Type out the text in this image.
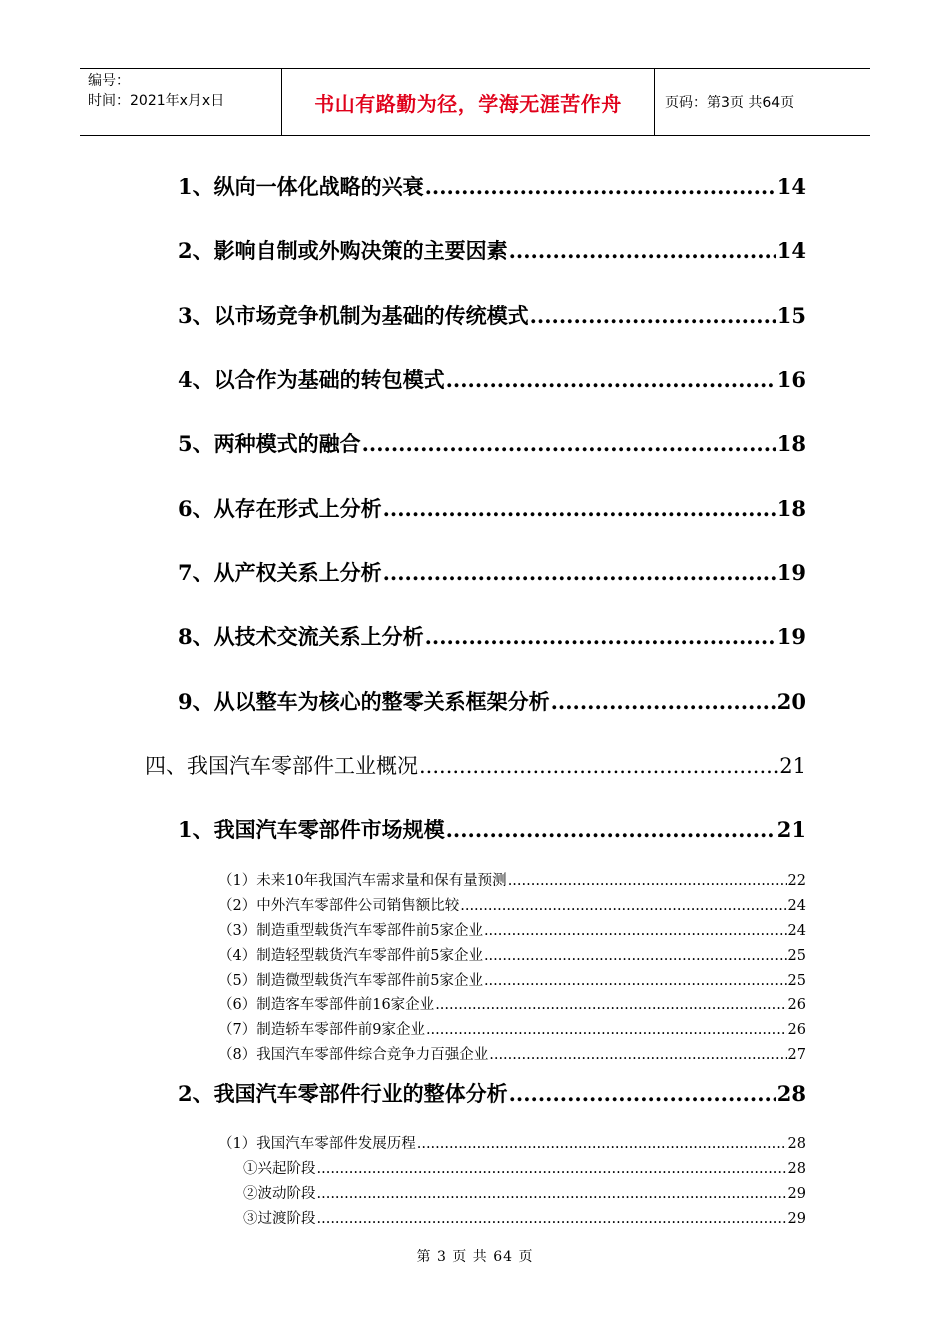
编号：
时间：2021年x月x日	书山有路勤为径，学海无涯苦作舟	页码：第3页 共64页
1、纵向一体化战略的兴衰 .....	14
2、影响自制或外购决策的主要因素 .....	14
3、以市场竞争机制为基础的传统模式 .....	15
4、以合作为基础的转包模式 .....	16
5、两种模式的融合 .....	18
6、从存在形式上分析 .....	18
7、从产权关系上分析 .....	19
8、从技术交流关系上分析 .....	19
9、从以整车为核心的整零关系框架分析 .....	20
四、我国汽车零部件工业概况 .....	21
1、我国汽车零部件市场规模 .....	21
（1）未来10年我国汽车需求量和保有量预测 .....	22
（2）中外汽车零部件公司销售额比较 .....	24
（3）制造重型载货汽车零部件前5家企业 .....	24
（4）制造轻型载货汽车零部件前5家企业 .....	25
（5）制造微型载货汽车零部件前5家企业 .....	25
（6）制造客车零部件前16家企业 .....	26
（7）制造轿车零部件前9家企业 .....	26
（8）我国汽车零部件综合竞争力百强企业 .....	27
2、我国汽车零部件行业的整体分析 .....	28
（1）我国汽车零部件发展历程 .....	28
①兴起阶段 .....	28
②波动阶段 .....	29
③过渡阶段 .....	29
第 3 页 共 64 页
